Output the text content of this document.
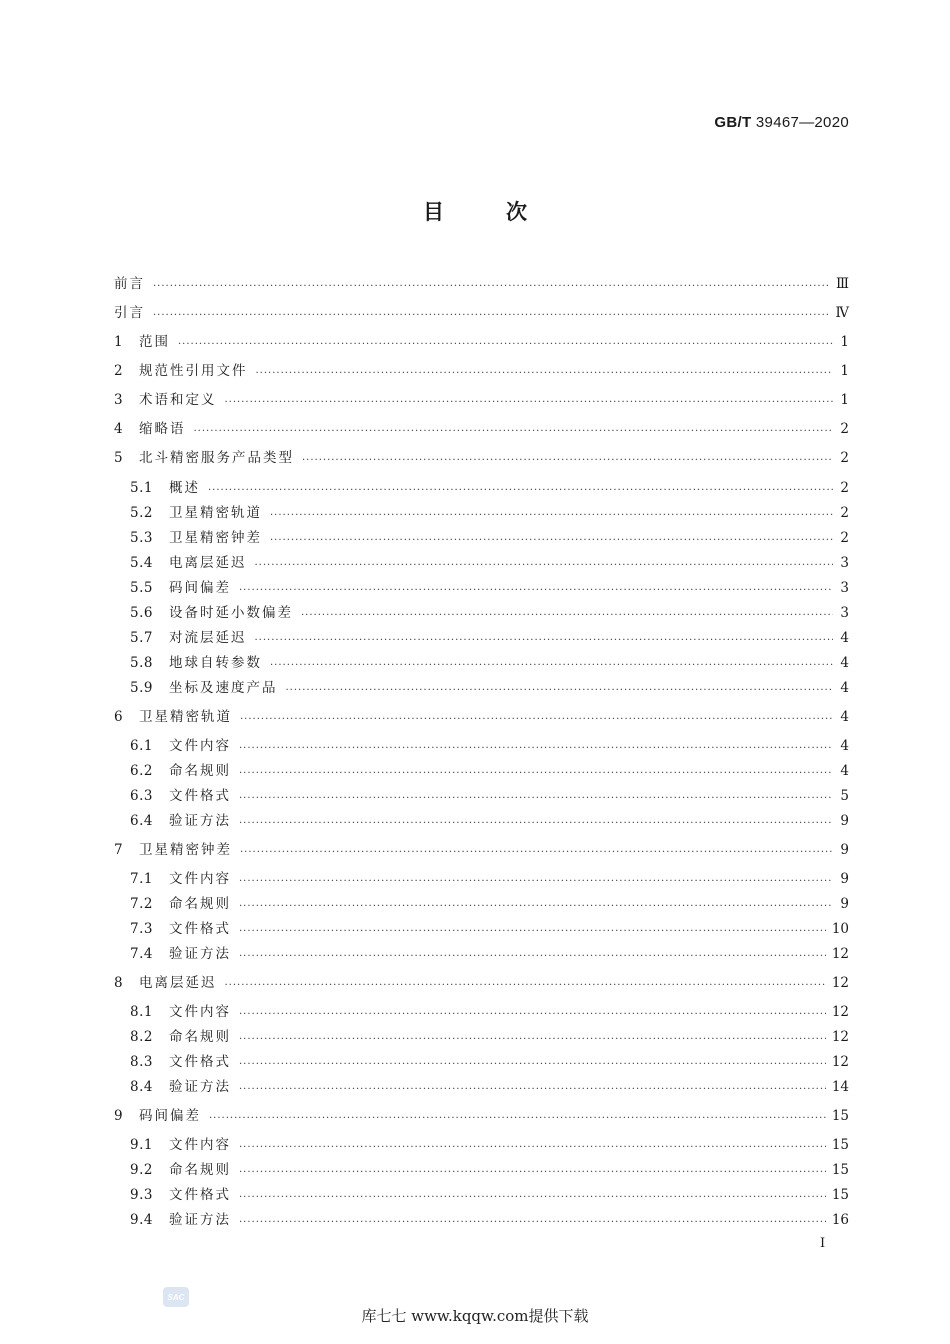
GB/T 39467—2020
目次
前言 .....	Ⅲ
引言 .....	Ⅳ
1	范围 .....	1
2	规范性引用文件 .....	1
3	术语和定义 .....	1
4	缩略语 .....	2
5	北斗精密服务产品类型 .....	2
5.1	概述 .....	2
5.2	卫星精密轨道 .....	2
5.3	卫星精密钟差 .....	2
5.4	电离层延迟 .....	3
5.5	码间偏差 .....	3
5.6	设备时延小数偏差 .....	3
5.7	对流层延迟 .....	4
5.8	地球自转参数 .....	4
5.9	坐标及速度产品 .....	4
6	卫星精密轨道 .....	4
6.1	文件内容 .....	4
6.2	命名规则 .....	4
6.3	文件格式 .....	5
6.4	验证方法 .....	9
7	卫星精密钟差 .....	9
7.1	文件内容 .....	9
7.2	命名规则 .....	9
7.3	文件格式 .....	10
7.4	验证方法 .....	12
8	电离层延迟 .....	12
8.1	文件内容 .....	12
8.2	命名规则 .....	12
8.3	文件格式 .....	12
8.4	验证方法 .....	14
9	码间偏差 .....	15
9.1	文件内容 .....	15
9.2	命名规则 .....	15
9.3	文件格式 .....	15
9.4	验证方法 .....	16
Ⅰ
SAC
库七七 www.kqqw.com提供下载
